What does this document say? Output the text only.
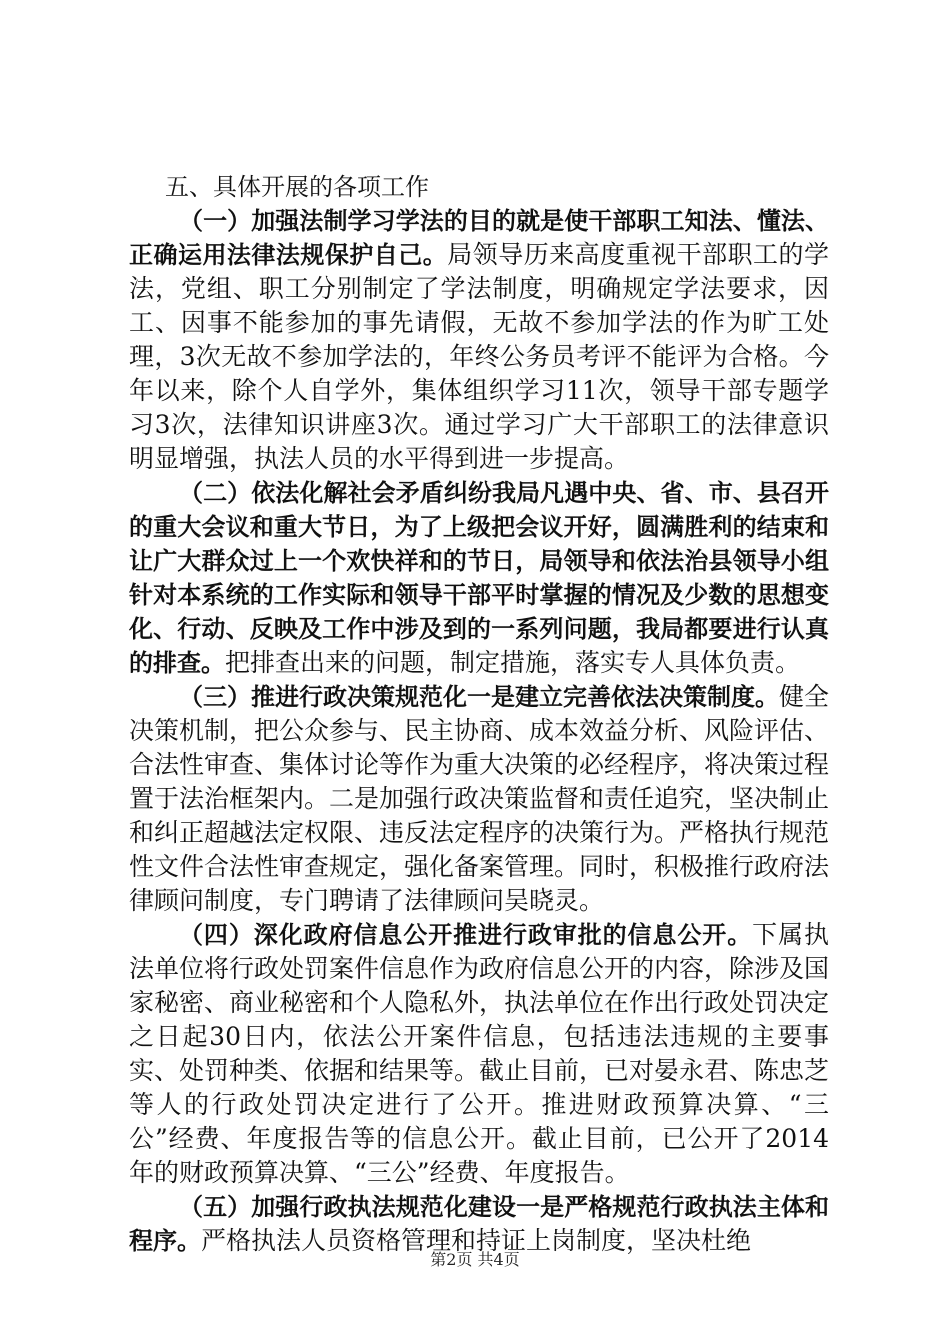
五、具体开展的各项工作

（一）加强法制学习学法的目的就是使干部职工知法、懂法、正确运用法律法规保护自己。局领导历来高度重视干部职工的学法，党组、职工分别制定了学法制度，明确规定学法要求，因工、因事不能参加的事先请假，无故不参加学法的作为旷工处理，3次无故不参加学法的，年终公务员考评不能评为合格。今年以来，除个人自学外，集体组织学习11次，领导干部专题学习3次，法律知识讲座3次。通过学习广大干部职工的法律意识明显增强，执法人员的水平得到进一步提高。

（二）依法化解社会矛盾纠纷我局凡遇中央、省、市、县召开的重大会议和重大节日，为了上级把会议开好，圆满胜利的结束和让广大群众过上一个欢快祥和的节日，局领导和依法治县领导小组针对本系统的工作实际和领导干部平时掌握的情况及少数的思想变化、行动、反映及工作中涉及到的一系列问题，我局都要进行认真的排查。把排查出来的问题，制定措施，落实专人具体负责。

（三）推进行政决策规范化一是建立完善依法决策制度。健全决策机制，把公众参与、民主协商、成本效益分析、风险评估、合法性审查、集体讨论等作为重大决策的必经程序，将决策过程置于法治框架内。二是加强行政决策监督和责任追究，坚决制止和纠正超越法定权限、违反法定程序的决策行为。严格执行规范性文件合法性审查规定，强化备案管理。同时，积极推行政府法律顾问制度，专门聘请了法律顾问吴晓灵。

（四）深化政府信息公开推进行政审批的信息公开。下属执法单位将行政处罚案件信息作为政府信息公开的内容，除涉及国家秘密、商业秘密和个人隐私外，执法单位在作出行政处罚决定之日起30日内，依法公开案件信息，包括违法违规的主要事实、处罚种类、依据和结果等。截止目前，已对晏永君、陈忠芝等人的行政处罚决定进行了公开。推进财政预算决算、“三公”经费、年度报告等的信息公开。截止目前，已公开了2014年的财政预算决算、“三公”经费、年度报告。

（五）加强行政执法规范化建设一是严格规范行政执法主体和程序。严格执法人员资格管理和持证上岗制度，坚决杜绝

第2页 共4页
